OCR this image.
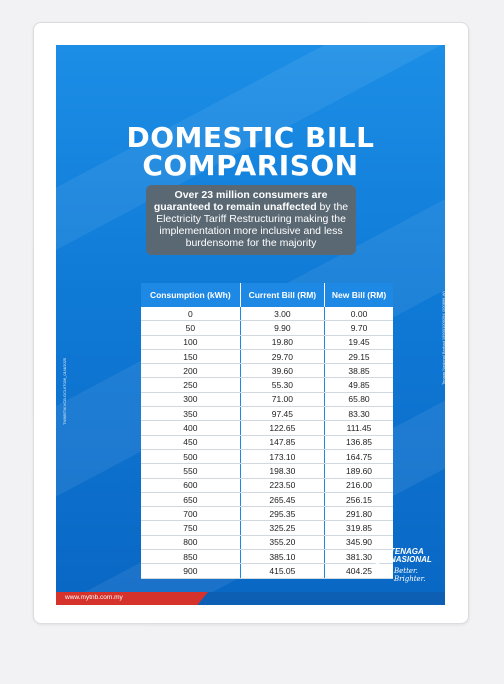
DOMESTIC BILL
COMPARISON
Over 23 million consumers are guaranteed to remain unaffected by the Electricity Tariff Restructuring making the implementation more inclusive and less burdensome for the majority
Consumption (kWh)	Current Bill (RM)	New Bill (RM)
0	3.00	0.00
50	9.90	9.70
100	19.80	19.45
150	29.70	29.15
200	39.60	38.85
250	55.30	49.85
300	71.00	65.80
350	97.45	83.30
400	122.65	111.45
450	147.85	136.85
500	173.10	164.75
550	198.30	189.60
600	223.50	216.00
650	265.45	256.15
700	295.35	291.80
750	325.25	319.85
800	355.20	345.90
850	385.10	381.30
900	415.05	404.25
TNB/BTM.VCB.GCU/T036_01/4/2025
Tenaga Nasional Berhad 199001009294 (200866-W)
TENAGA
NASIONAL
Better. Brighter.
www.mytnb.com.my
